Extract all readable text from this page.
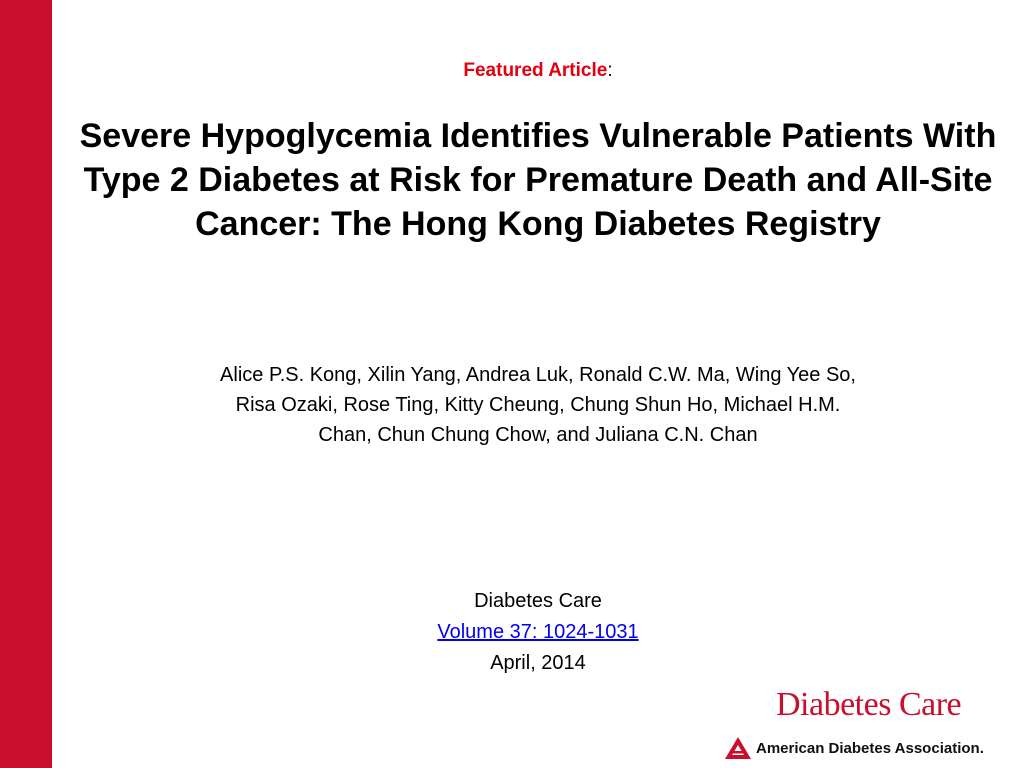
Featured Article:
Severe Hypoglycemia Identifies Vulnerable Patients With Type 2 Diabetes at Risk for Premature Death and All-Site Cancer: The Hong Kong Diabetes Registry
Alice P.S. Kong, Xilin Yang, Andrea Luk, Ronald C.W. Ma, Wing Yee So,
Risa Ozaki, Rose Ting, Kitty Cheung, Chung Shun Ho, Michael H.M.
Chan, Chun Chung Chow, and Juliana C.N. Chan
Diabetes Care
Volume 37: 1024-1031
April, 2014
Diabetes Care
American Diabetes Association.
